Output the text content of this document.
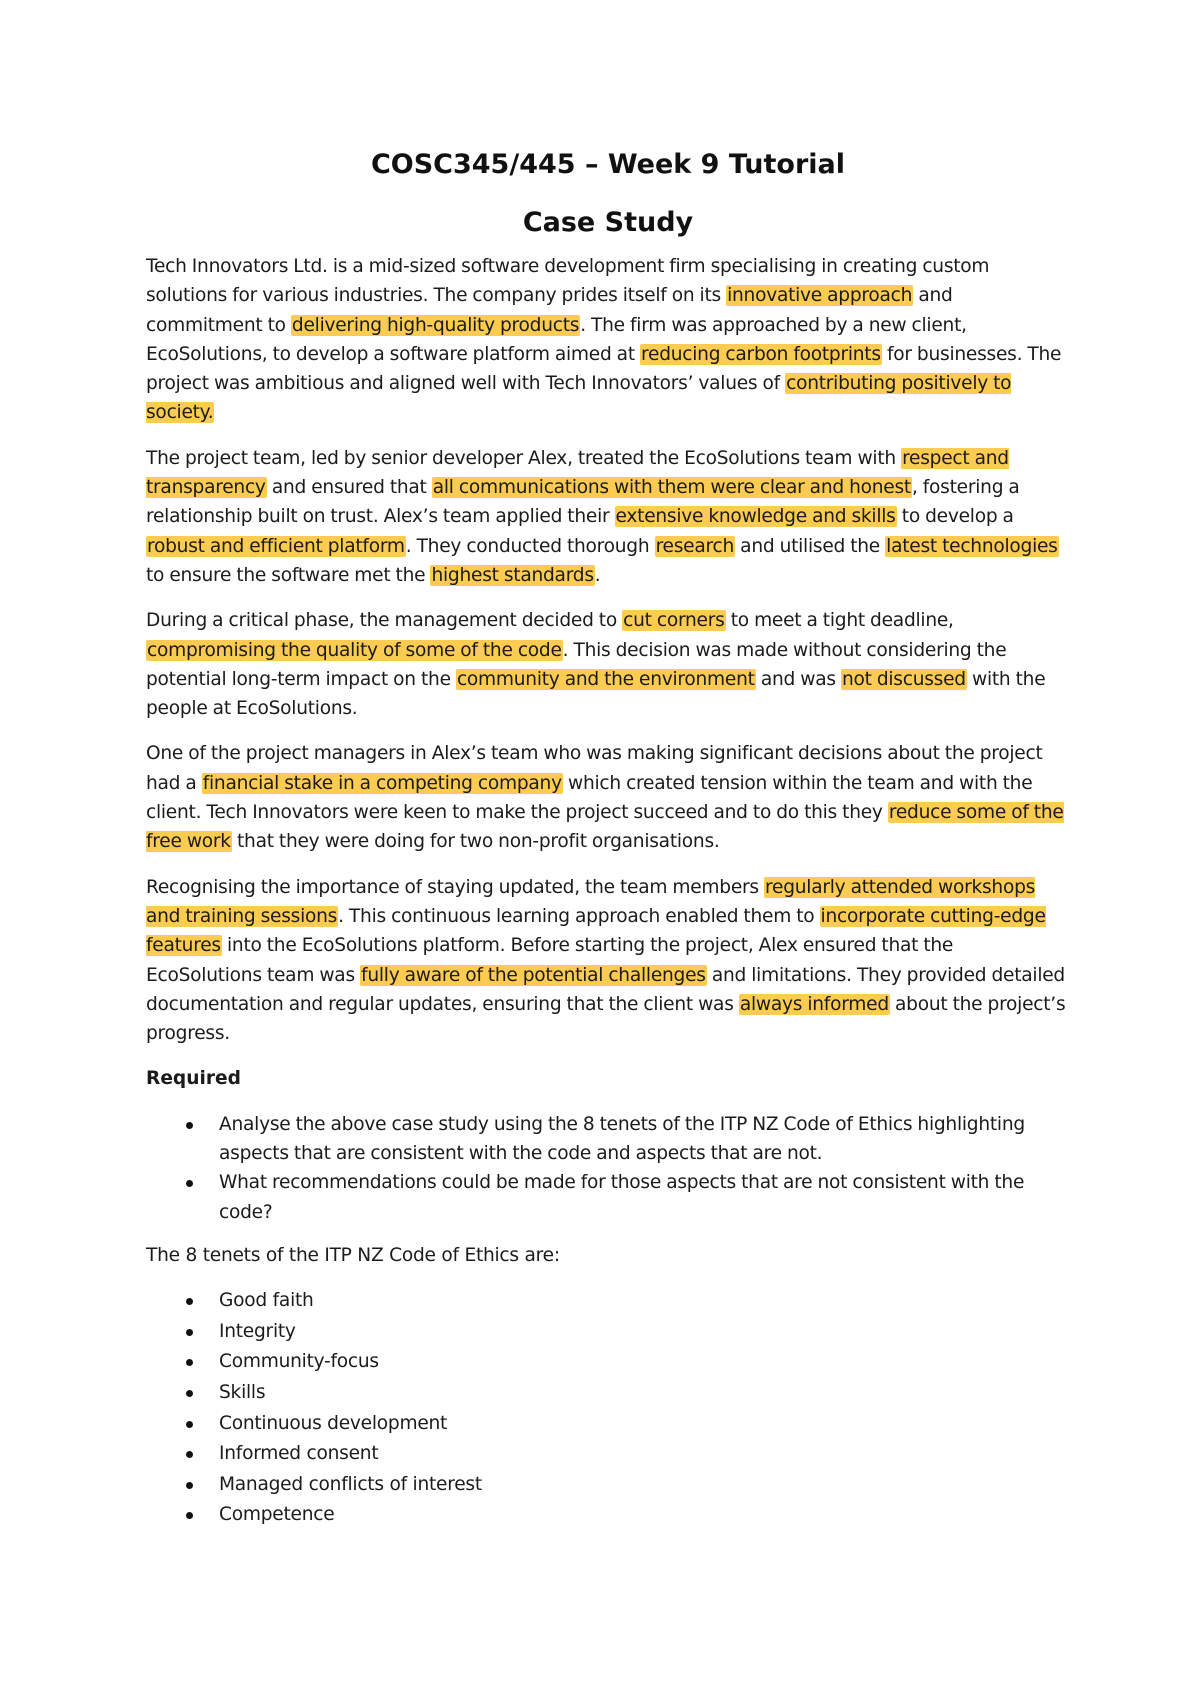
COSC345/445 – Week 9 Tutorial
Case Study

Tech Innovators Ltd. is a mid-sized software development firm specialising in creating custom solutions for various industries. The company prides itself on its innovative approach and commitment to delivering high-quality products. The firm was approached by a new client, EcoSolutions, to develop a software platform aimed at reducing carbon footprints for businesses. The project was ambitious and aligned well with Tech Innovators’ values of contributing positively to society.

The project team, led by senior developer Alex, treated the EcoSolutions team with respect and transparency and ensured that all communications with them were clear and honest, fostering a relationship built on trust. Alex’s team applied their extensive knowledge and skills to develop a robust and efficient platform. They conducted thorough research and utilised the latest technologies to ensure the software met the highest standards.

During a critical phase, the management decided to cut corners to meet a tight deadline, compromising the quality of some of the code. This decision was made without considering the potential long-term impact on the community and the environment and was not discussed with the people at EcoSolutions.

One of the project managers in Alex’s team who was making significant decisions about the project had a financial stake in a competing company which created tension within the team and with the client. Tech Innovators were keen to make the project succeed and to do this they reduce some of the free work that they were doing for two non-profit organisations.

Recognising the importance of staying updated, the team members regularly attended workshops and training sessions. This continuous learning approach enabled them to incorporate cutting-edge features into the EcoSolutions platform. Before starting the project, Alex ensured that the EcoSolutions team was fully aware of the potential challenges and limitations. They provided detailed documentation and regular updates, ensuring that the client was always informed about the project’s progress.

Required
Analyse the above case study using the 8 tenets of the ITP NZ Code of Ethics highlighting aspects that are consistent with the code and aspects that are not.
What recommendations could be made for those aspects that are not consistent with the code?

The 8 tenets of the ITP NZ Code of Ethics are:

Good faith
Integrity
Community-focus
Skills
Continuous development
Informed consent
Managed conflicts of interest
Competence
